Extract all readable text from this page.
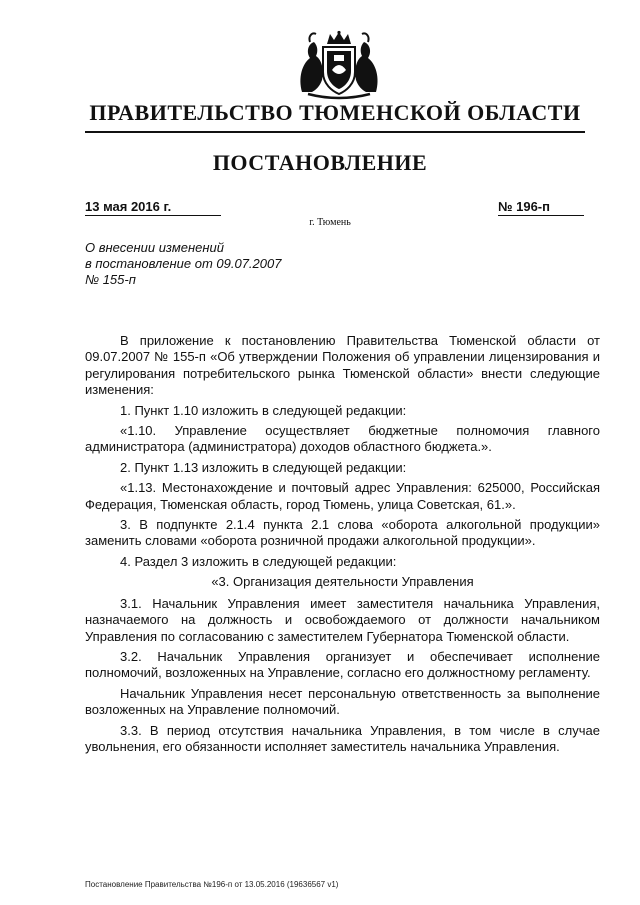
ПРАВИТЕЛЬСТВО ТЮМЕНСКОЙ ОБЛАСТИ
ПОСТАНОВЛЕНИЕ
13 мая 2016 г.	№ 196-п
г. Тюмень
О внесении изменений
в постановление от 09.07.2007
№ 155-п

В приложение к постановлению Правительства Тюменской области от 09.07.2007 № 155-п «Об утверждении Положения об управлении лицензирования и регулирования потребительского рынка Тюменской области» внести следующие изменения:

1. Пункт 1.10 изложить в следующей редакции:

«1.10. Управление осуществляет бюджетные полномочия главного администратора (администратора) доходов областного бюджета.».

2. Пункт 1.13 изложить в следующей редакции:

«1.13. Местонахождение и почтовый адрес Управления: 625000, Российская Федерация, Тюменская область, город Тюмень, улица Советская, 61.».

3. В подпункте 2.1.4 пункта 2.1 слова «оборота алкогольной продукции» заменить словами «оборота розничной продажи алкогольной продукции».

4. Раздел 3 изложить в следующей редакции:

«3. Организация деятельности Управления

3.1. Начальник Управления имеет заместителя начальника Управления, назначаемого на должность и освобождаемого от должности начальником Управления по согласованию с заместителем Губернатора Тюменской области.

3.2. Начальник Управления организует и обеспечивает исполнение полномочий, возложенных на Управление, согласно его должностному регламенту.

Начальник Управления несет персональную ответственность за выполнение возложенных на Управление полномочий.

3.3. В период отсутствия начальника Управления, в том числе в случае увольнения, его обязанности исполняет заместитель начальника Управления.

Постановление Правительства №196-п от 13.05.2016 (19636567 v1)
